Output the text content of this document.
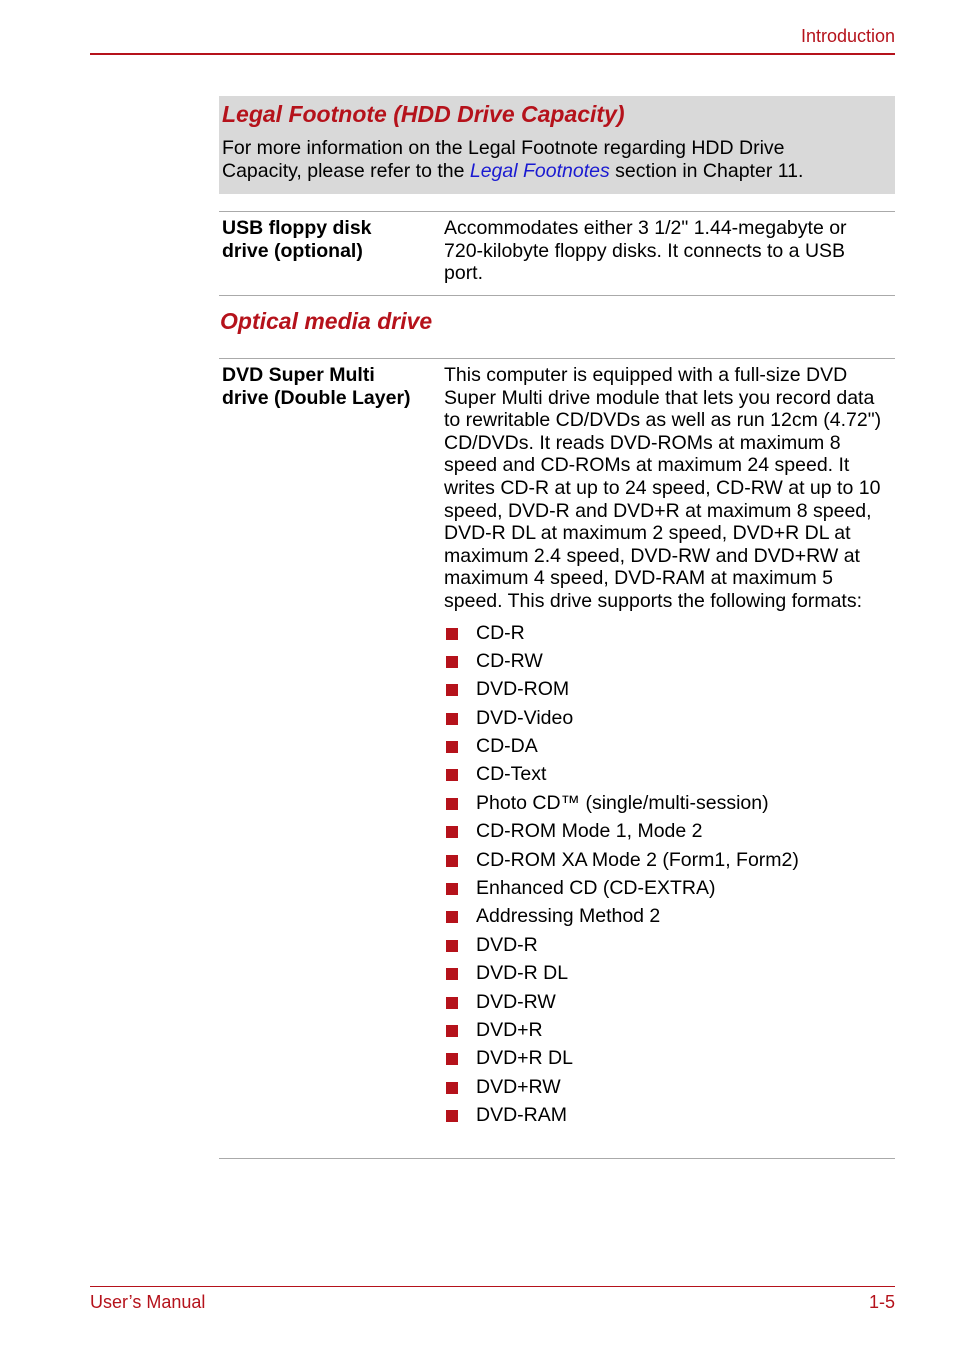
Introduction
Legal Footnote (HDD Drive Capacity)
For more information on the Legal Footnote regarding HDD Drive
Capacity, please refer to the Legal Footnotes section in Chapter 11.
USB floppy disk
drive (optional)
Accommodates either 3 1/2" 1.44-megabyte or 720-kilobyte floppy disks. It connects to a USB port.
Optical media drive
DVD Super Multi
drive (Double Layer)
This computer is equipped with a full-size DVD Super Multi drive module that lets you record data to rewritable CD/DVDs as well as run 12cm (4.72") CD/DVDs. It reads DVD-ROMs at maximum 8 speed and CD-ROMs at maximum 24 speed. It writes CD-R at up to 24 speed, CD-RW at up to 10 speed, DVD-R and DVD+R at maximum 8 speed, DVD-R DL at maximum 2 speed, DVD+R DL at maximum 2.4 speed, DVD-RW and DVD+RW at maximum 4 speed, DVD-RAM at maximum 5 speed. This drive supports the following formats:
CD-R
CD-RW
DVD-ROM
DVD-Video
CD-DA
CD-Text
Photo CD™ (single/multi-session)
CD-ROM Mode 1, Mode 2
CD-ROM XA Mode 2 (Form1, Form2)
Enhanced CD (CD-EXTRA)
Addressing Method 2
DVD-R
DVD-R DL
DVD-RW
DVD+R
DVD+R DL
DVD+RW
DVD-RAM
User’s Manual	1-5
